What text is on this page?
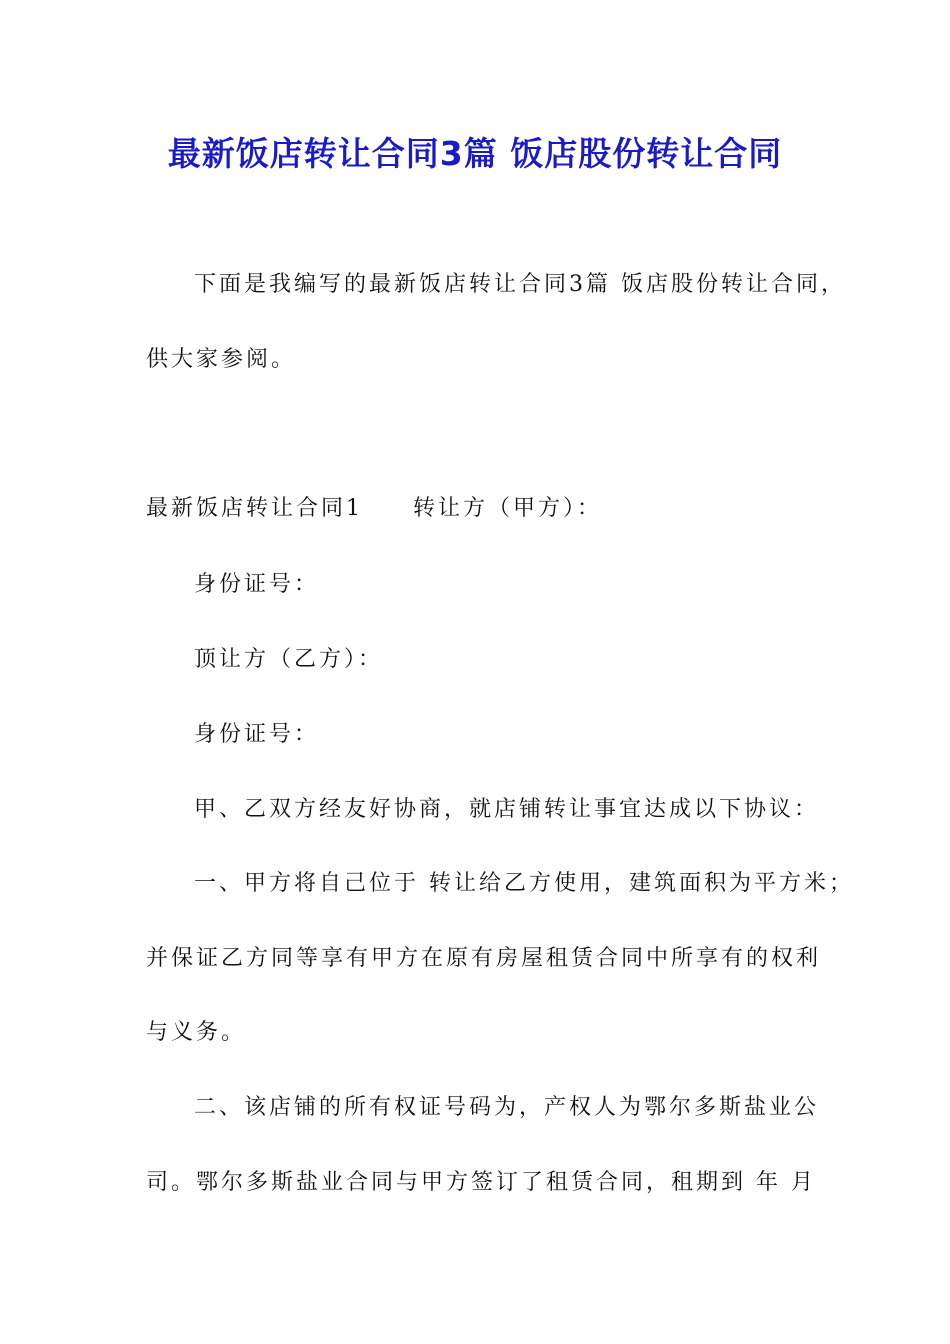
最新饭店转让合同3篇 饭店股份转让合同
下面是我编写的最新饭店转让合同3篇 饭店股份转让合同，
供大家参阅。
最新饭店转让合同1 转让方（甲方）：
身份证号：
顶让方（乙方）：
身份证号：
甲、乙双方经友好协商，就店铺转让事宜达成以下协议：
一、甲方将自己位于 转让给乙方使用，建筑面积为平方米；
并保证乙方同等享有甲方在原有房屋租赁合同中所享有的权利
与义务。
二、该店铺的所有权证号码为，产权人为鄂尔多斯盐业公
司。鄂尔多斯盐业合同与甲方签订了租赁合同，租期到 年 月
